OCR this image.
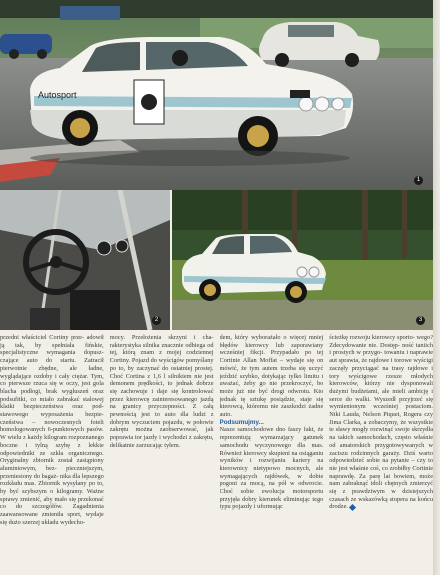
Autosport
1
2	3

przedni właściciel Cortiny prze- adowił ją tak, by spełniała fińskie, specjalistyczne wymagania dopusz- czające auto do startu. Zatracił pierwotnie zbędne, ale ładne, wyglądające ozdoby i cały ciężar. Tym, co pierwsze rzuca się w oczy, jest gola blacha podłogi, brak wygłuszeń oraz podsufitki, co miało zabrakać stalowej klatki bezpieczeństwa oraz pod- stawowego wyposażenia bezpie- czeństwa – nowoczesnych foteli homologowanych 6-punktowych pasów. W wielu z każdy kilogram rozpoznanego boczne i tylną szybę z lekkie odpowiedniki ze szkła organicznego. Oryginalny zbiornik został zastąpiony aluminiowym, bez- pieczniejszym, przeniesiony do bagaż- nika dla lepszego rozkładu mas. Zbiornik wysyłany po to, by być szybszym o kilogramy. Ważne sprawy zmienić, aby mało się przekonać co do szczegółów. Zagadnienia zaawansowane zmieniła sport, wydaje się dużo szerzej układu wydecho-

mocy. Przełożenia skrzyni i cha- rakterystyka silnika znacznie odbiega od tej, którą znam z mojej codziennej Cortiny. Pojazd do wyścigów pomyślany po to, by zaczynać do ostatniej prostej. Choć Cortina z 1,6 l silnikiem nie jest demonem prędkości, to jednak dobrze się zachowuje i daje się kontrolować przez kierowcę zainteresowanego jazdą na granicy przyczepności. Z całą pewnością jest to auto dla ludzi z dobrym wyczuciem pojazdu, w połowie zakrętu można zaobserwować, jak poprawia tor jazdy i wychodzi z zakrętu, delikatnie zarzucając tyłem.

dem, który wyborażało o więcej mniej błędów kierowcy lub zaporawiany wcześniej fikcji. Przypadało po tej Cortinie Allan Moffat – wydaje się on mówić, że tym autem trzeba się uczyć jeździć szybko, dotykając tylko limitu i uważać, żeby go nie przekroczyć, bo może już nie być drogi odwrotu. Kto jednak tę sztukę posiądzie, staje się kierowcą, któremu nie zaszkodzi żadne auto.

Podsumujmy...

Nasze samochodowe dno faszy fakt, że reprezentują wymarzający gatunek samochodu wyczynowego dla mas. Również kierowcy skupieni na osiąganiu wyników i rozwijaniu kariery na kierownicy nietypowo mocnych, ale wymagających rajdówek, w dobie pogoni za mocą, na pół w odwrocie. Choć sobie ewolucja motorsportu przyjęła dobry kierunek eliminując tego typu pojazdy i uformując

ścieżkę rozwoju kierowcy sporto- wego? Zdecydowanie nie. Dostęp- ność taniich i prostych w przygo- towaniu i naprawie aut sprawia, że rajdowe i torowe wyścigi zaczęły przyciągać na trasy rajdowe i tory wyścigowe rzesze młodych kierowców, którzy nie dysponowali dużymi budżetami, ale mieli ambicję i serce do walki. Wyszedł przyjrzeć się wymienionym wcześniej postaciom. Niki Lauda, Nelson Piquet, Rogera czy Jima Clarka, a zobaczymy, że wszystkie te sławy mogły rozwinąć swoje skrzydła na takich samochodach, często właśnie od amatorskich przygotowywanych w zaciszu rodzinnych garaży. Dziś warto odpowiedzieć sobie na pytanie – czy to nie jest właśnie coś, co zrobiłby Cortinie naprawdę. Za parę lat bowiem, może nam zabraknąć idoli chętnych zmierzyć się z prawdziwym w dzisiejszych czasach ze wskazówką stopera na końcu drodze.
